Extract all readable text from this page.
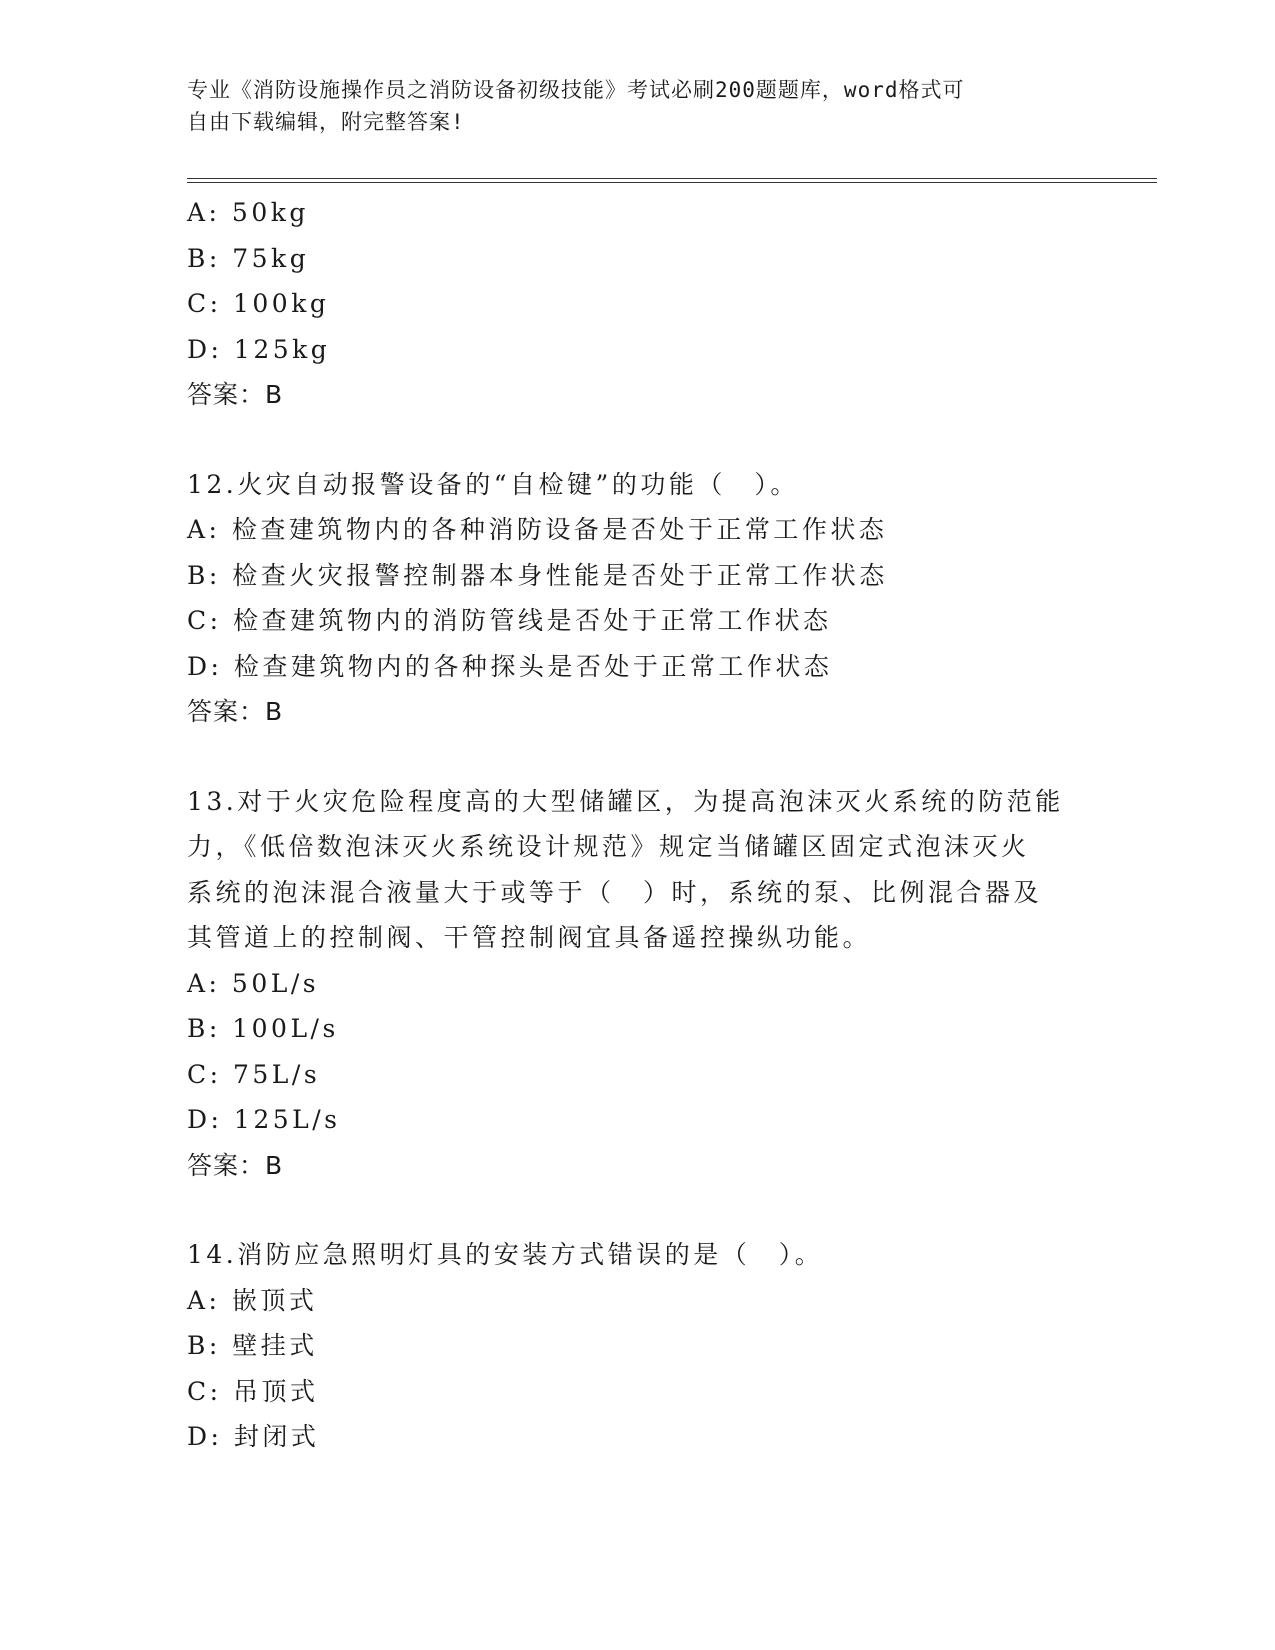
专业《消防设施操作员之消防设备初级技能》考试必刷200题题库，word格式可
自由下载编辑，附完整答案!
A: 50kg
B: 75kg
C: 100kg
D: 125kg
答案：B
12.火灾自动报警设备的“自检键”的功能（　）。
A: 检查建筑物内的各种消防设备是否处于正常工作状态
B: 检查火灾报警控制器本身性能是否处于正常工作状态
C: 检查建筑物内的消防管线是否处于正常工作状态
D: 检查建筑物内的各种探头是否处于正常工作状态
答案：B
13.对于火灾危险程度高的大型储罐区，为提高泡沫灭火系统的防范能
力，《低倍数泡沫灭火系统设计规范》规定当储罐区固定式泡沫灭火
系统的泡沫混合液量大于或等于（　）时，系统的泵、比例混合器及
其管道上的控制阀、干管控制阀宜具备遥控操纵功能。
A: 50L/s
B: 100L/s
C: 75L/s
D: 125L/s
答案：B
14.消防应急照明灯具的安装方式错误的是（　）。
A: 嵌顶式
B: 壁挂式
C: 吊顶式
D: 封闭式
